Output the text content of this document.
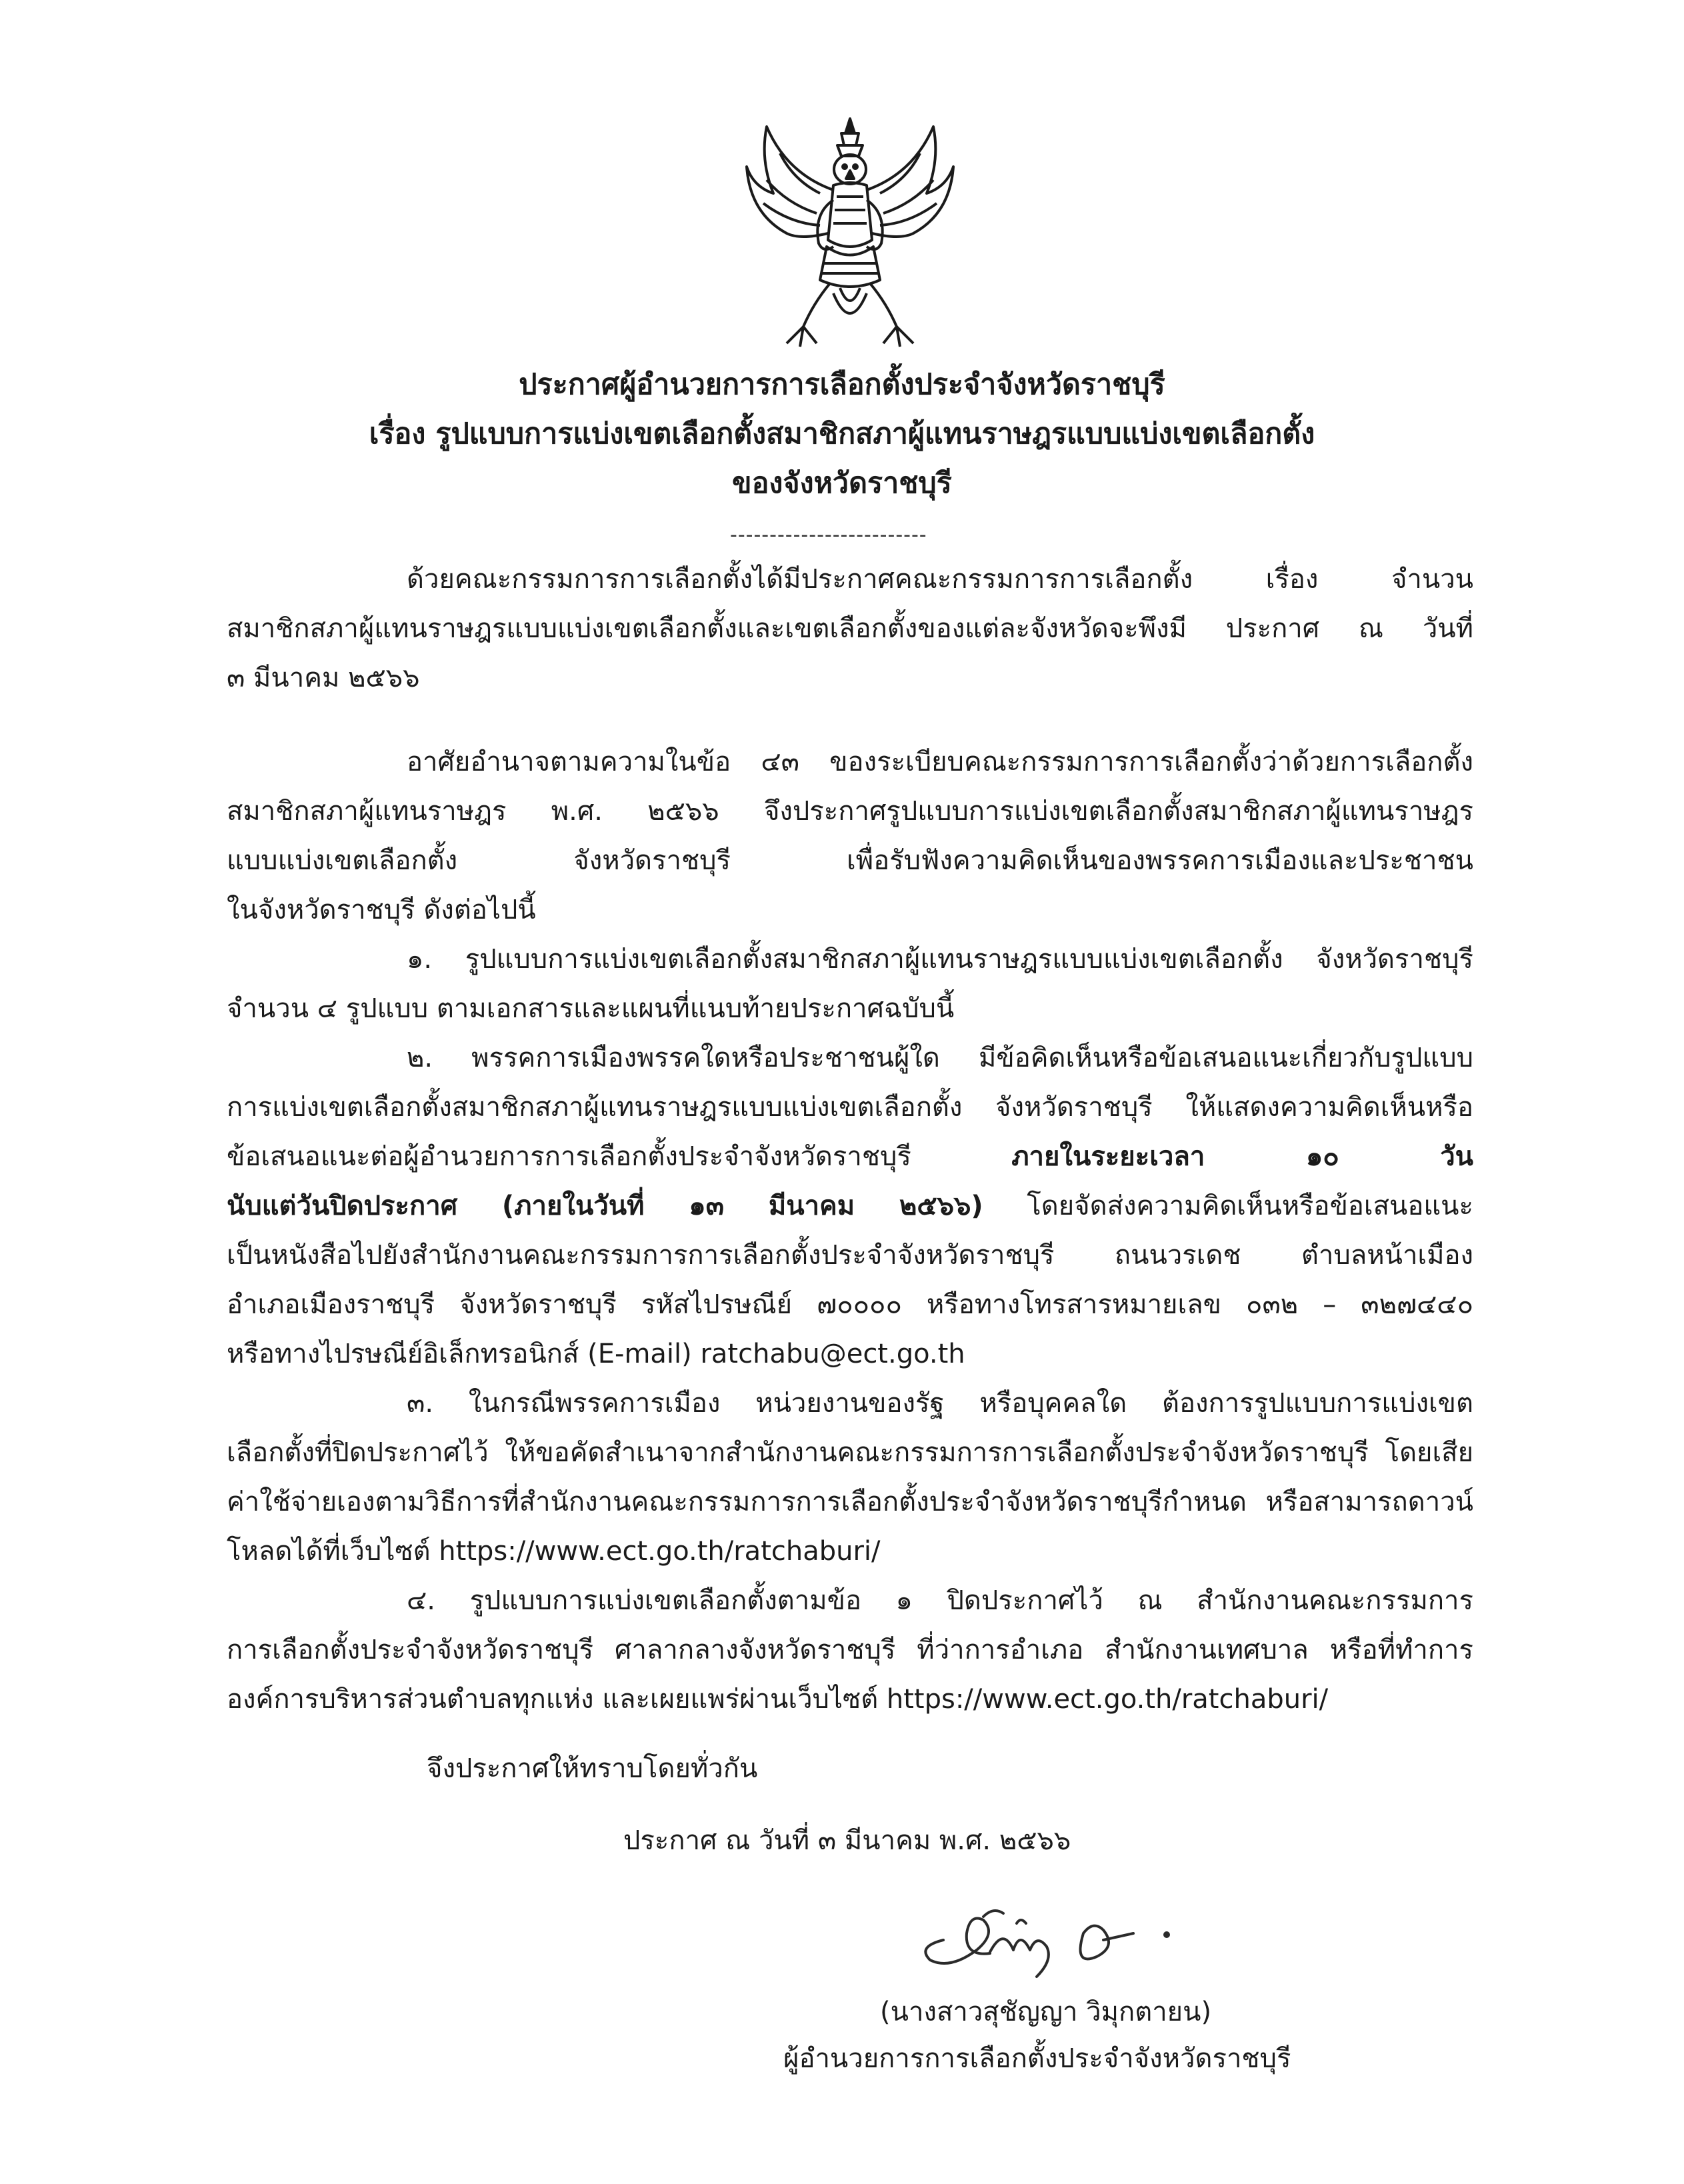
ประกาศผู้อำนวยการการเลือกตั้งประจำจังหวัดราชบุรี
เรื่อง รูปแบบการแบ่งเขตเลือกตั้งสมาชิกสภาผู้แทนราษฎรแบบแบ่งเขตเลือกตั้ง
ของจังหวัดราชบุรี
-------------------------
ด้วยคณะกรรมการการเลือกตั้งได้มีประกาศคณะกรรมการการเลือกตั้ง เรื่อง จำนวน
สมาชิกสภาผู้แทนราษฎรแบบแบ่งเขตเลือกตั้งและเขตเลือกตั้งของแต่ละจังหวัดจะพึงมี ประกาศ ณ วันที่
๓ มีนาคม ๒๕๖๖
อาศัยอำนาจตามความในข้อ ๔๓ ของระเบียบคณะกรรมการการเลือกตั้งว่าด้วยการเลือกตั้ง
สมาชิกสภาผู้แทนราษฎร พ.ศ. ๒๕๖๖ จึงประกาศรูปแบบการแบ่งเขตเลือกตั้งสมาชิกสภาผู้แทนราษฎร
แบบแบ่งเขตเลือกตั้ง จังหวัดราชบุรี เพื่อรับฟังความคิดเห็นของพรรคการเมืองและประชาชน
ในจังหวัดราชบุรี ดังต่อไปนี้
๑. รูปแบบการแบ่งเขตเลือกตั้งสมาชิกสภาผู้แทนราษฎรแบบแบ่งเขตเลือกตั้ง จังหวัดราชบุรี
จำนวน ๔ รูปแบบ ตามเอกสารและแผนที่แนบท้ายประกาศฉบับนี้
๒. พรรคการเมืองพรรคใดหรือประชาชนผู้ใด มีข้อคิดเห็นหรือข้อเสนอแนะเกี่ยวกับรูปแบบ
การแบ่งเขตเลือกตั้งสมาชิกสภาผู้แทนราษฎรแบบแบ่งเขตเลือกตั้ง จังหวัดราชบุรี ให้แสดงความคิดเห็นหรือ
ข้อเสนอแนะต่อผู้อำนวยการการเลือกตั้งประจำจังหวัดราชบุรี ภายในระยะเวลา ๑๐ วัน
นับแต่วันปิดประกาศ (ภายในวันที่ ๑๓ มีนาคม ๒๕๖๖) โดยจัดส่งความคิดเห็นหรือข้อเสนอแนะ
เป็นหนังสือไปยังสำนักงานคณะกรรมการการเลือกตั้งประจำจังหวัดราชบุรี ถนนวรเดช ตำบลหน้าเมือง
อำเภอเมืองราชบุรี จังหวัดราชบุรี รหัสไปรษณีย์ ๗๐๐๐๐ หรือทางโทรสารหมายเลข ๐๓๒ – ๓๒๗๔๔๐
หรือทางไปรษณีย์อิเล็กทรอนิกส์ (E-mail) ratchabu@ect.go.th
๓. ในกรณีพรรคการเมือง หน่วยงานของรัฐ หรือบุคคลใด ต้องการรูปแบบการแบ่งเขต
เลือกตั้งที่ปิดประกาศไว้ ให้ขอคัดสำเนาจากสำนักงานคณะกรรมการการเลือกตั้งประจำจังหวัดราชบุรี โดยเสีย
ค่าใช้จ่ายเองตามวิธีการที่สำนักงานคณะกรรมการการเลือกตั้งประจำจังหวัดราชบุรีกำหนด หรือสามารถดาวน์
โหลดได้ที่เว็บไซต์ https://www.ect.go.th/ratchaburi/
๔. รูปแบบการแบ่งเขตเลือกตั้งตามข้อ ๑ ปิดประกาศไว้ ณ สำนักงานคณะกรรมการ
การเลือกตั้งประจำจังหวัดราชบุรี ศาลากลางจังหวัดราชบุรี ที่ว่าการอำเภอ สำนักงานเทศบาล หรือที่ทำการ
องค์การบริหารส่วนตำบลทุกแห่ง และเผยแพร่ผ่านเว็บไซต์ https://www.ect.go.th/ratchaburi/
จึงประกาศให้ทราบโดยทั่วกัน
ประกาศ ณ วันที่ ๓ มีนาคม พ.ศ. ๒๕๖๖
(นางสาวสุชัญญา วิมุกตายน)
ผู้อำนวยการการเลือกตั้งประจำจังหวัดราชบุรี
